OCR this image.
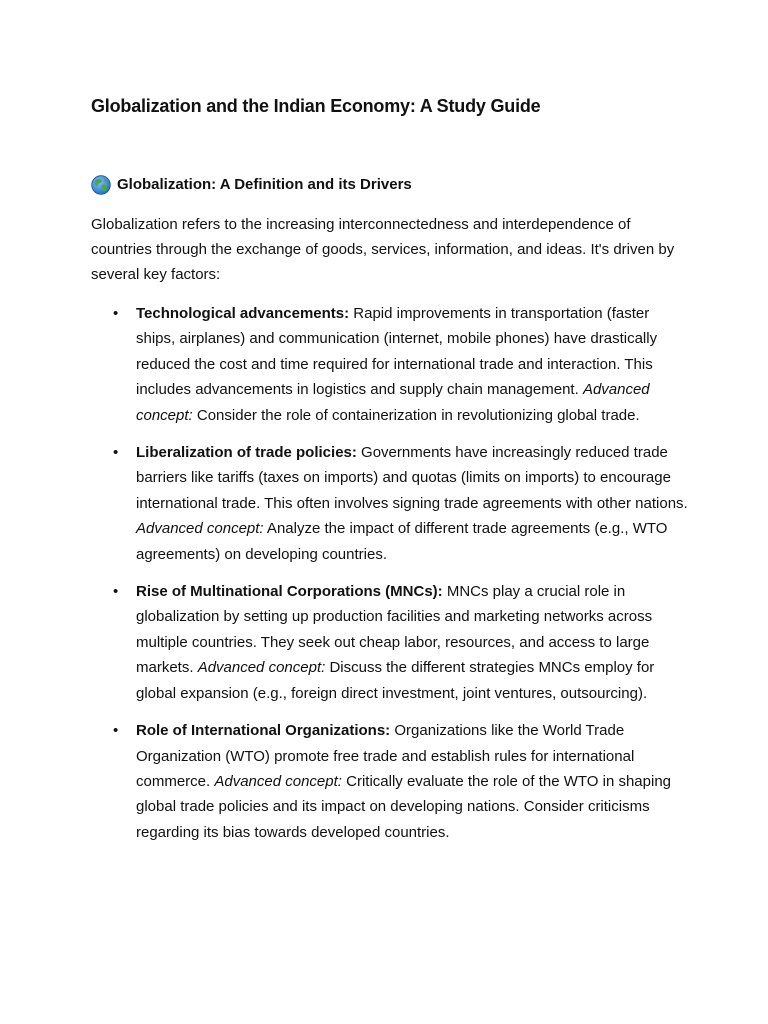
Globalization and the Indian Economy: A Study Guide
Globalization: A Definition and its Drivers

Globalization refers to the increasing interconnectedness and interdependence of countries through the exchange of goods, services, information, and ideas. It's driven by several key factors:

• Technological advancements: Rapid improvements in transportation (faster ships, airplanes) and communication (internet, mobile phones) have drastically reduced the cost and time required for international trade and interaction. This includes advancements in logistics and supply chain management. Advanced concept: Consider the role of containerization in revolutionizing global trade.
• Liberalization of trade policies: Governments have increasingly reduced trade barriers like tariffs (taxes on imports) and quotas (limits on imports) to encourage international trade. This often involves signing trade agreements with other nations. Advanced concept: Analyze the impact of different trade agreements (e.g., WTO agreements) on developing countries.
• Rise of Multinational Corporations (MNCs): MNCs play a crucial role in globalization by setting up production facilities and marketing networks across multiple countries. They seek out cheap labor, resources, and access to large markets. Advanced concept: Discuss the different strategies MNCs employ for global expansion (e.g., foreign direct investment, joint ventures, outsourcing).
• Role of International Organizations: Organizations like the World Trade Organization (WTO) promote free trade and establish rules for international commerce. Advanced concept: Critically evaluate the role of the WTO in shaping global trade policies and its impact on developing nations. Consider criticisms regarding its bias towards developed countries.
